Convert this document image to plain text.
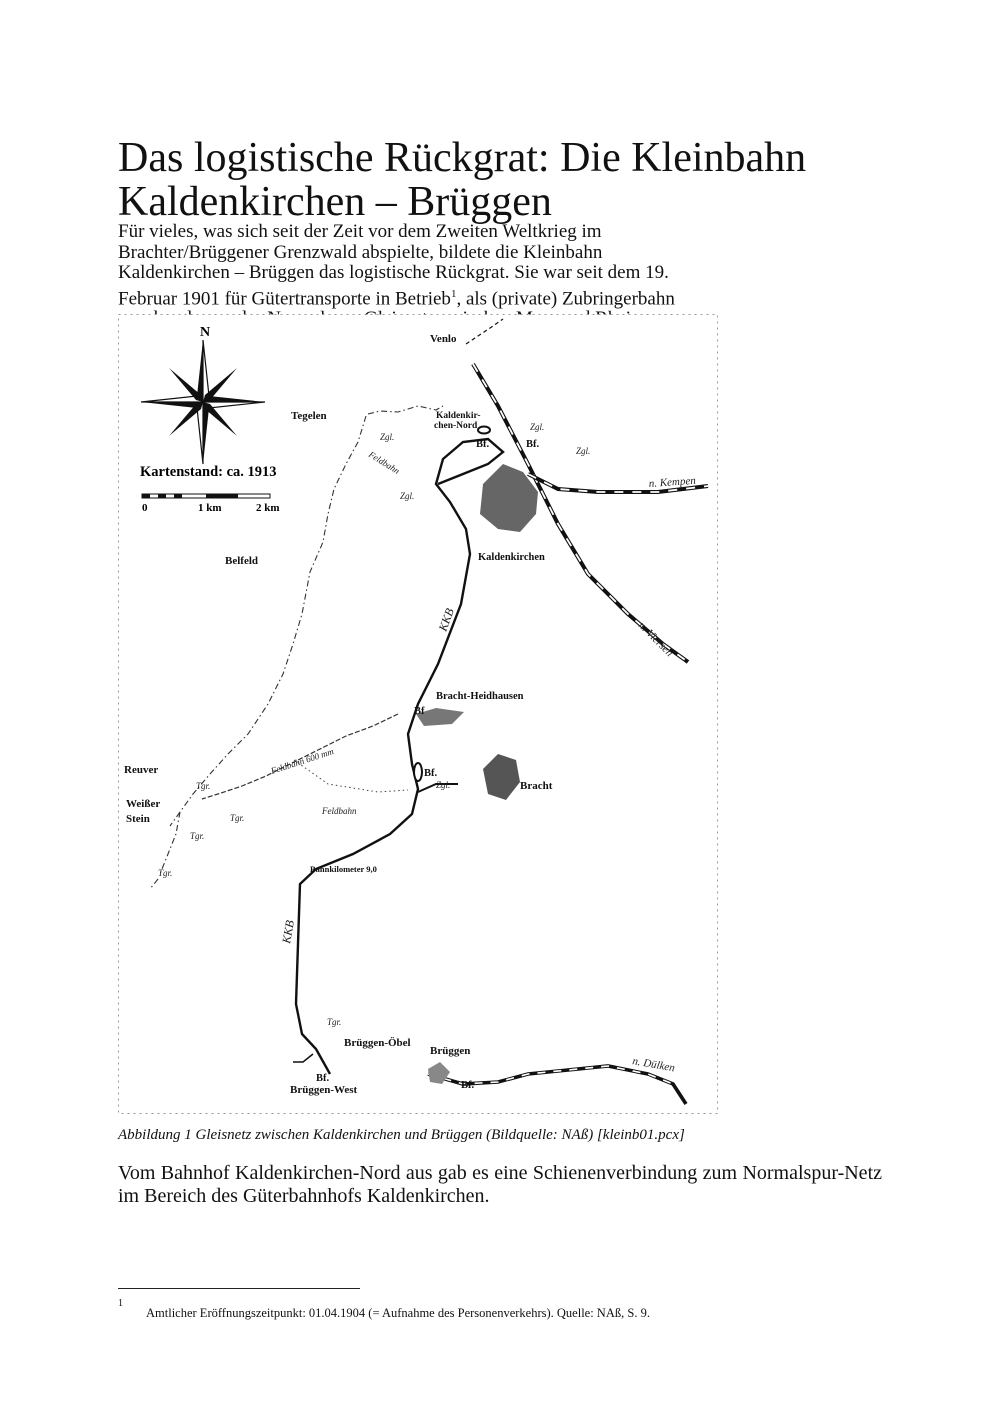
Das logistische Rückgrat: Die Kleinbahn Kaldenkirchen – Brüggen

Für vieles, was sich seit der Zeit vor dem Zweiten Weltkrieg im Brachter/Brüggener Grenzwald abspielte, bildete die Kleinbahn Kaldenkirchen – Brüggen das logistische Rückgrat. Sie war seit dem 19. Februar 1901 für Gütertransporte in Betrieb$^1$, als (private) Zubringerbahn

N
Kartenstand: ca. 1913
0	1 km	2 km
Venlo
Tegelen	Kaldenkir-
chen-Nord
Kaldenkirchen
Belfeld
Bracht-Heidhausen
Bracht
Reuver
Weißer
Stein
Bahnkilometer 9,0
Brüggen-Öbel
Brüggen
Brüggen-West
Bf.	Bf.
Bf.
Bf.
Bf.
Bf
Zgl.
Zgl.
Zgl.
Zgl.
Zgl.
Feldbahn
Feldbahn
Feldbahn 600 mm
Tgr.
Tgr.
Tgr.
Tgr.
Tgr.
n. Kempen
n. Viersen
n. Dülken
KKB
KKB

Abbildung 1 Gleisnetz zwischen Kaldenkirchen und Brüggen (Bildquelle: NAß) [kleinb01.pcx]

Vom Bahnhof Kaldenkirchen-Nord aus gab es eine Schienenverbindung zum Normalspur-Netz im Bereich des Güterbahnhofs Kaldenkirchen.

1
Amtlicher Eröffnungszeitpunkt: 01.04.1904 (= Aufnahme des Personenverkehrs). Quelle: NAß, S. 9.
